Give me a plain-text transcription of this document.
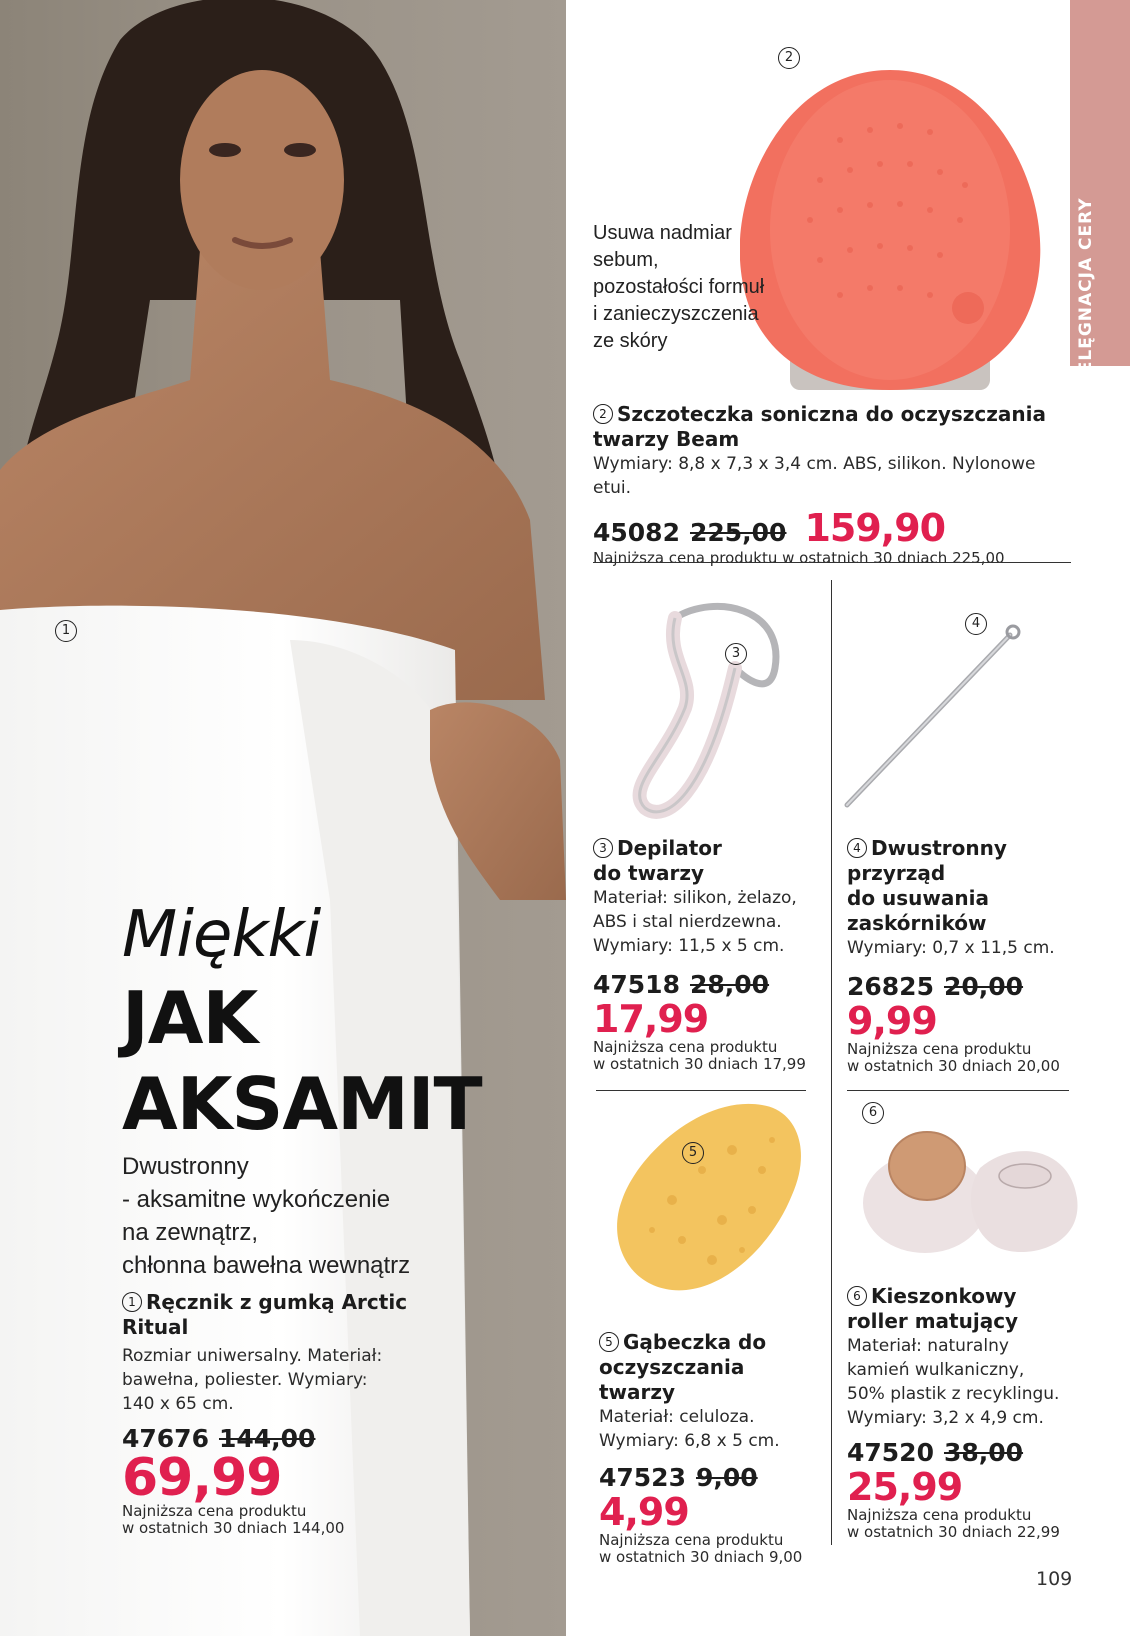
1
Miękki
JAK
AKSAMIT
Dwustronny
- aksamitne wykończenie
na zewnątrz,
chłonna bawełna wewnątrz
1 Ręcznik z gumką Arctic Ritual
Rozmiar uniwersalny. Materiał:
bawełna, poliester. Wymiary:
140 x 65 cm.
47676 144,00
69,99
Najniższa cena produktu
w ostatnich 30 dniach 144,00
PIELĘGNACJA CERY
2
Usuwa nadmiar
sebum,
pozostałości formuł
i zanieczyszczenia
ze skóry
2 Szczoteczka soniczna do oczyszczania
twarzy Beam
Wymiary: 8,8 x 7,3 x 3,4 cm. ABS, silikon. Nylonowe etui.
45082 225,00 159,90
Najniższa cena produktu w ostatnich 30 dniach 225,00
3
3 Depilator
do twarzy
Materiał: silikon, żelazo,
ABS i stal nierdzewna.
Wymiary: 11,5 x 5 cm.
47518 28,00
17,99
Najniższa cena produktu
w ostatnich 30 dniach 17,99
4
4 Dwustronny
przyrząd
do usuwania
zaskórników
Wymiary: 0,7 x 11,5 cm.
26825 20,00
9,99
Najniższa cena produktu
w ostatnich 30 dniach 20,00
5
5 Gąbeczka do
oczyszczania twarzy
Materiał: celuloza.
Wymiary: 6,8 x 5 cm.
47523 9,00
4,99
Najniższa cena produktu
w ostatnich 30 dniach 9,00
6
6 Kieszonkowy
roller matujący
Materiał: naturalny
kamień wulkaniczny,
50% plastik z recyklingu.
Wymiary: 3,2 x 4,9 cm.
47520 38,00
25,99
Najniższa cena produktu
w ostatnich 30 dniach 22,99
109
